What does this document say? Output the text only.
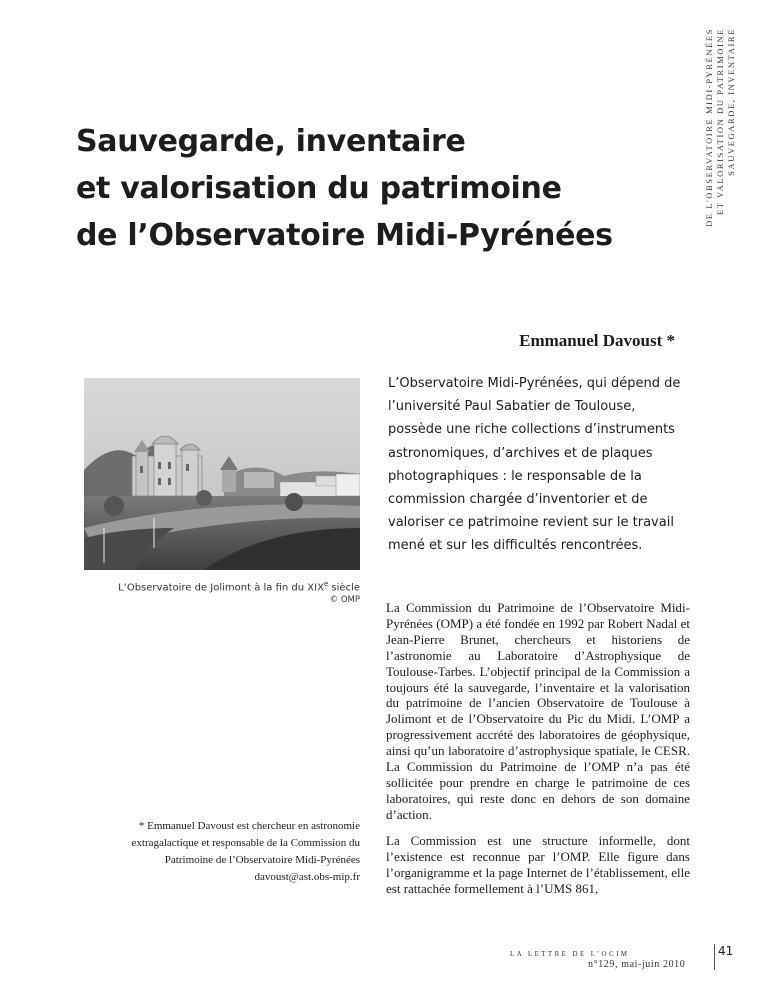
SAUVEGARDE, INVENTAIRE
ET VALORISATION DU PATRIMOINE
DE L'OBSERVATOIRE MIDI-PYRÉNÉES
Sauvegarde, inventaire
et valorisation du patrimoine
de l’Observatoire Midi-Pyrénées
Emmanuel Davoust *
L’Observatoire de Jolimont à la fin du XIXe siècle
© OMP

L’Observatoire Midi-Pyrénées, qui dépend de l’université Paul Sabatier de Toulouse, possède une riche collections d’instruments astronomiques, d’archives et de plaques photographiques : le responsable de la commission chargée d’inventorier et de valoriser ce patrimoine revient sur le travail mené et sur les difficultés rencontrées.

La Commission du Patrimoine de l’Observatoire Midi-Pyrénées (OMP) a été fondée en 1992 par Robert Nadal et Jean-Pierre Brunet, chercheurs et historiens de l’astronomie au Laboratoire d’Astrophysique de Toulouse-Tarbes. L’objectif principal de la Commission a toujours été la sauvegarde, l’inventaire et la valorisation du patrimoine de l’ancien Observatoire de Toulouse à Jolimont et de l’Observatoire du Pic du Midi. L’OMP a progressivement accrété des laboratoires de géophysique, ainsi qu’un laboratoire d’astrophysique spatiale, le CESR. La Commission du Patrimoine de l’OMP n’a pas été sollicitée pour prendre en charge le patrimoine de ces laboratoires, qui reste donc en dehors de son domaine d’action.

La Commission est une structure informelle, dont l’existence est reconnue par l’OMP. Elle figure dans l’organigramme et la page Internet de l’établissement, elle est rattachée formellement à l’UMS 861,

* Emmanuel Davoust est chercheur en astronomie extragalactique et responsable de la Commission du Patrimoine de l’Observatoire Midi-Pyrénées davoust@ast.obs-mip.fr

LA LETTRE DE L’OCIM
n°129, mai-juin 2010
41
